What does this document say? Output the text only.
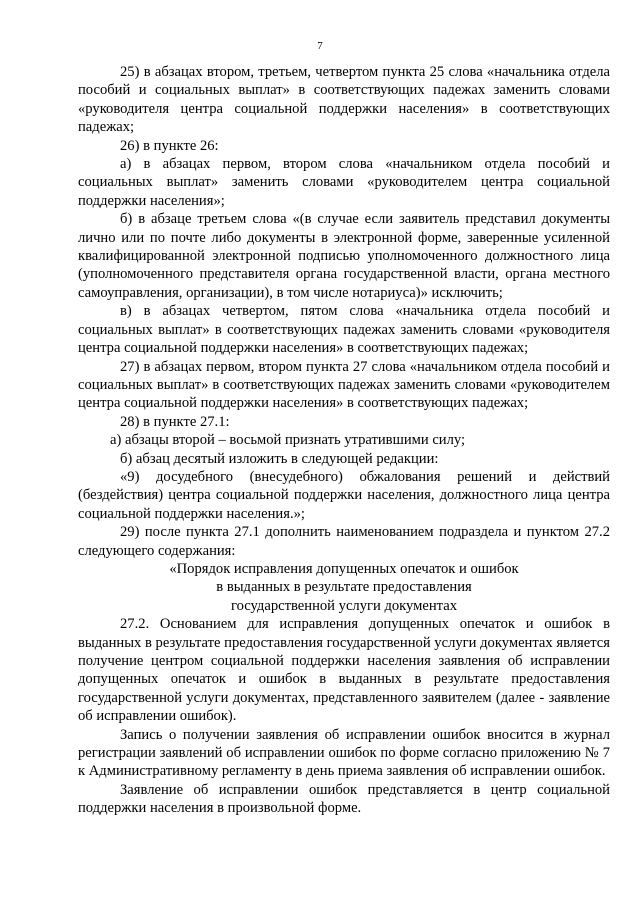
7

25) в абзацах втором, третьем, четвертом пункта 25 слова «начальника отдела пособий и социальных выплат» в соответствующих падежах заменить словами «руководителя центра социальной поддержки населения» в соответствующих падежах;

26) в пункте 26:

а) в абзацах первом, втором слова «начальником отдела пособий и социальных выплат» заменить словами «руководителем центра социальной поддержки населения»;

б) в абзаце третьем слова «(в случае если заявитель представил документы лично или по почте либо документы в электронной форме, заверенные усиленной квалифицированной электронной подписью уполномоченного должностного лица (уполномоченного представителя органа государственной власти, органа местного самоуправления, организации), в том числе нотариуса)» исключить;

в) в абзацах четвертом, пятом слова «начальника отдела пособий и социальных выплат» в соответствующих падежах заменить словами «руководителя центра социальной поддержки населения» в соответствующих падежах;

27) в абзацах первом, втором пункта 27 слова «начальником отдела пособий и социальных выплат» в соответствующих падежах заменить словами «руководителем центра социальной поддержки населения» в соответствующих падежах;

28) в пункте 27.1:

а) абзацы второй – восьмой признать утратившими силу;

б) абзац десятый изложить в следующей редакции:

«9) досудебного (внесудебного) обжалования решений и действий (бездействия) центра социальной поддержки населения, должностного лица центра социальной поддержки населения.»;

29) после пункта 27.1 дополнить наименованием подраздела и пунктом 27.2 следующего содержания:

«Порядок исправления допущенных опечаток и ошибок
в выданных в результате предоставления
государственной услуги документах

27.2. Основанием для исправления допущенных опечаток и ошибок в выданных в результате предоставления государственной услуги документах является получение центром социальной поддержки населения заявления об исправлении допущенных опечаток и ошибок в выданных в результате предоставления государственной услуги документах, представленного заявителем (далее - заявление об исправлении ошибок).

Запись о получении заявления об исправлении ошибок вносится в журнал регистрации заявлений об исправлении ошибок по форме согласно приложению № 7 к Административному регламенту в день приема заявления об исправлении ошибок.

Заявление об исправлении ошибок представляется в центр социальной поддержки населения в произвольной форме.
